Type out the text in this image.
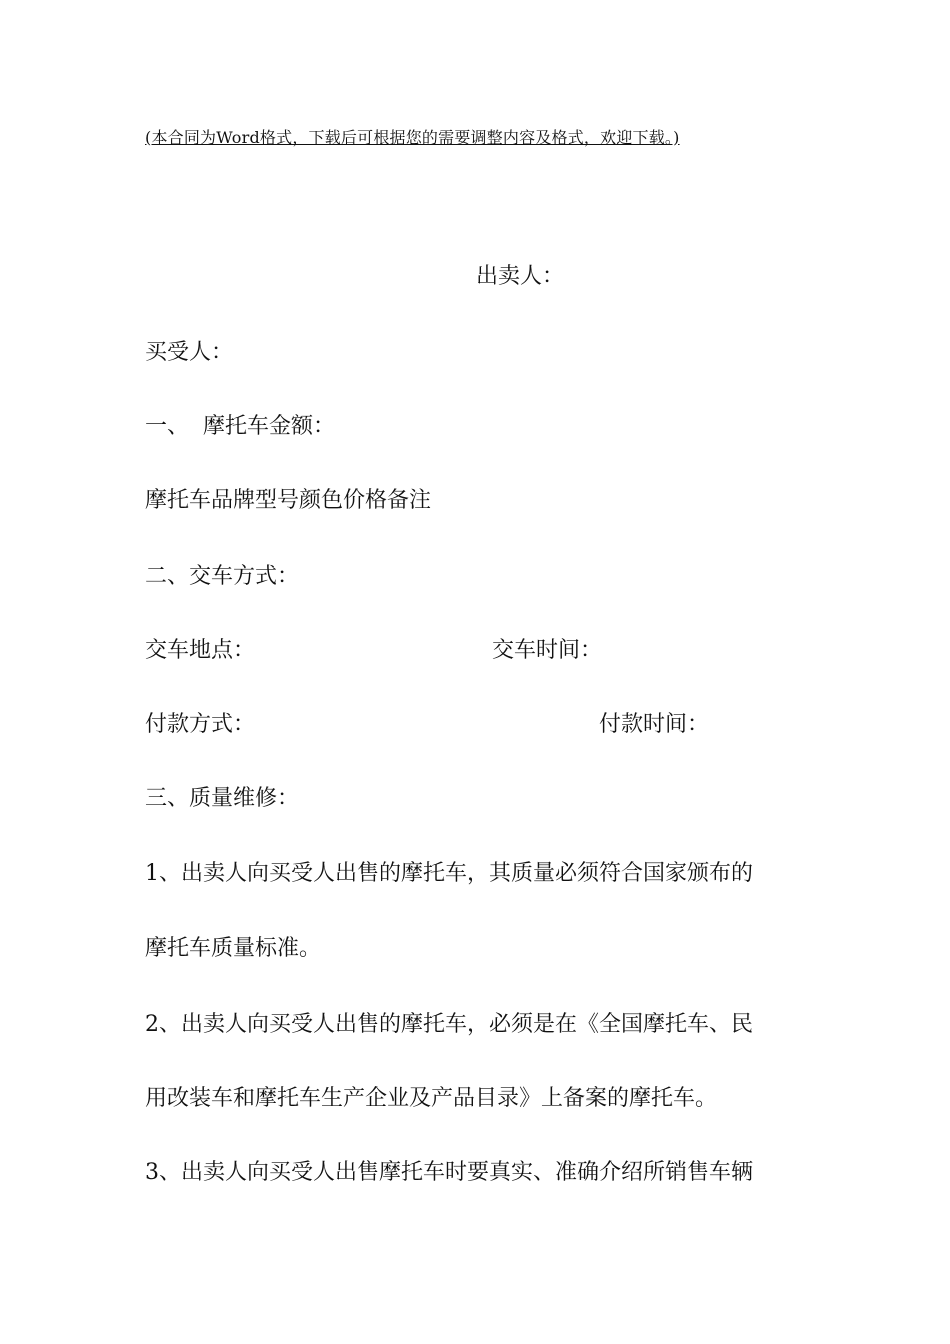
(本合同为Word格式，下载后可根据您的需要调整内容及格式，欢迎下载。)
出卖人：
买受人：
一、 摩托车金额：
摩托车品牌型号颜色价格备注
二、交车方式：
交车地点：	交车时间：
付款方式：	付款时间：
三、质量维修：
1、出卖人向买受人出售的摩托车，其质量必须符合国家颁布的
摩托车质量标准。
2、出卖人向买受人出售的摩托车，必须是在《全国摩托车、民
用改装车和摩托车生产企业及产品目录》上备案的摩托车。
3、出卖人向买受人出售摩托车时要真实、准确介绍所销售车辆
